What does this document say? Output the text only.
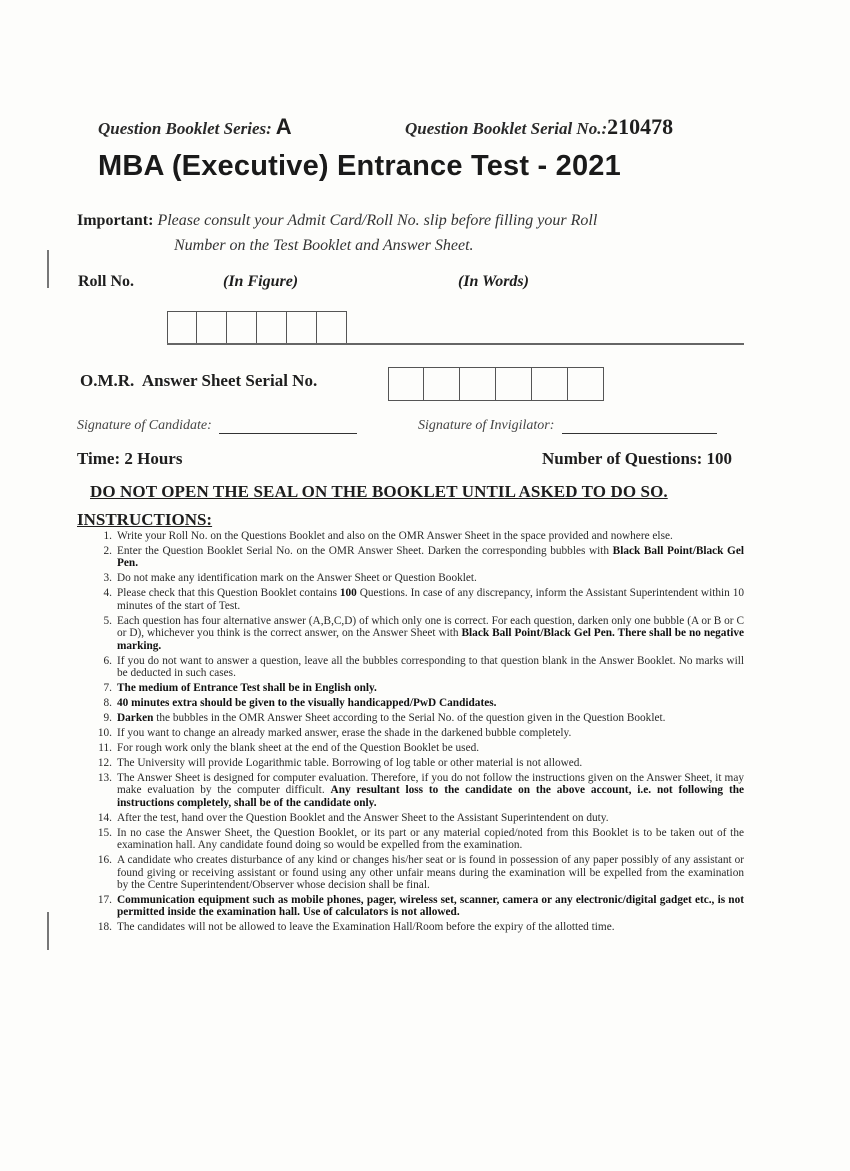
Question Booklet Series: A	Question Booklet Serial No.:210478
MBA (Executive) Entrance Test - 2021
Important: Please consult your Admit Card/Roll No. slip before filling your Roll
Number on the Test Booklet and Answer Sheet.
Roll No.	(In Figure)	(In Words)
O.M.R.  Answer Sheet Serial No.
Signature of Candidate:	Signature of Invigilator:
Time: 2 Hours	Number of Questions: 100
DO NOT OPEN THE SEAL ON THE BOOKLET UNTIL ASKED TO DO SO.
INSTRUCTIONS:
1. Write your Roll No. on the Questions Booklet and also on the OMR Answer Sheet in the space provided and nowhere else.
2. Enter the Question Booklet Serial No. on the OMR Answer Sheet. Darken the corresponding bubbles with Black Ball Point/Black Gel Pen.
3. Do not make any identification mark on the Answer Sheet or Question Booklet.
4. Please check that this Question Booklet contains 100 Questions. In case of any discrepancy, inform the Assistant Superintendent within 10 minutes of the start of Test.
5. Each question has four alternative answer (A,B,C,D) of which only one is correct. For each question, darken only one bubble (A or B or C or D), whichever you think is the correct answer, on the Answer Sheet with Black Ball Point/Black Gel Pen. There shall be no negative marking.
6. If you do not want to answer a question, leave all the bubbles corresponding to that question blank in the Answer Booklet. No marks will be deducted in such cases.
7. The medium of Entrance Test shall be in English only.
8. 40 minutes extra should be given to the visually handicapped/PwD Candidates.
9. Darken the bubbles in the OMR Answer Sheet according to the Serial No. of the question given in the Question Booklet.
10. If you want to change an already marked answer, erase the shade in the darkened bubble completely.
11. For rough work only the blank sheet at the end of the Question Booklet be used.
12. The University will provide Logarithmic table. Borrowing of log table or other material is not allowed.
13. The Answer Sheet is designed for computer evaluation. Therefore, if you do not follow the instructions given on the Answer Sheet, it may make evaluation by the computer difficult. Any resultant loss to the candidate on the above account, i.e. not following the instructions completely, shall be of the candidate only.
14. After the test, hand over the Question Booklet and the Answer Sheet to the Assistant Superintendent on duty.
15. In no case the Answer Sheet, the Question Booklet, or its part or any material copied/noted from this Booklet is to be taken out of the examination hall. Any candidate found doing so would be expelled from the examination.
16. A candidate who creates disturbance of any kind or changes his/her seat or is found in possession of any paper possibly of any assistant or found giving or receiving assistant or found using any other unfair means during the examination will be expelled from the examination by the Centre Superintendent/Observer whose decision shall be final.
17. Communication equipment such as mobile phones, pager, wireless set, scanner, camera or any electronic/digital gadget etc., is not permitted inside the examination hall. Use of calculators is not allowed.
18. The candidates will not be allowed to leave the Examination Hall/Room before the expiry of the allotted time.
